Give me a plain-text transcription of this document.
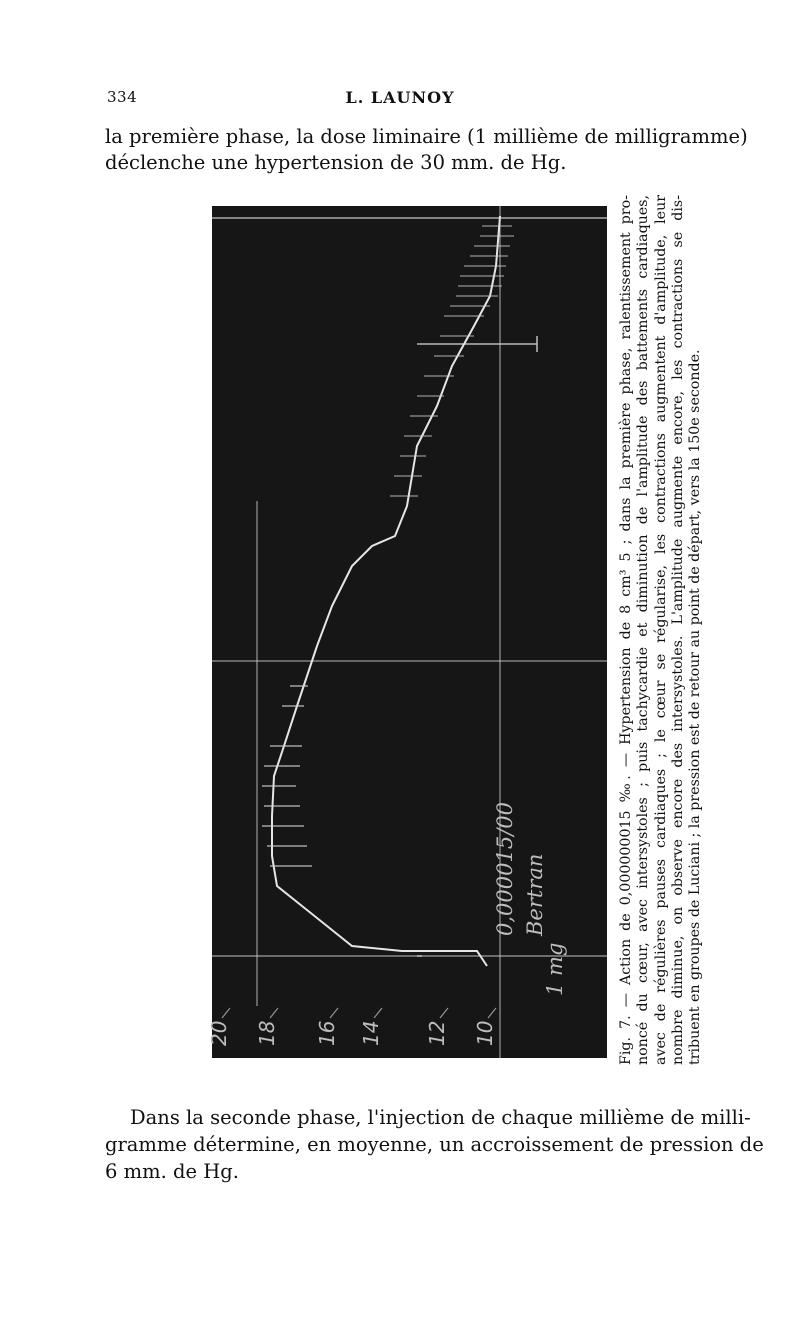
334	L. LAUNOY
la première phase, la dose liminaire (1 millième de milligramme)
déclenche une hypertension de 30 mm. de Hg.
20 18 16 14 12 10
0,000015/00 Bertran
1 mg	Fig. 7. — Action de 0,000000015 ‰. — Hypertension de 8 cm³ 5 ; dans la première phase, ralentissement pro- noncé du cœur, avec intersystoles ; puis tachycardie et diminution de l'amplitude des battements cardiaques, avec de régulières pauses cardiaques ; le cœur se régularise, les contractions augmentent d'amplitude, leur nombre diminue, on observe encore des intersystoles. L'amplitude augmente encore, les contractions se dis- tribuent en groupes de Luciani ; la pression est de retour au point de départ, vers la 150e seconde.
Dans la seconde phase, l'injection de chaque millième de milli-
gramme détermine, en moyenne, un accroissement de pression de
6 mm. de Hg.
